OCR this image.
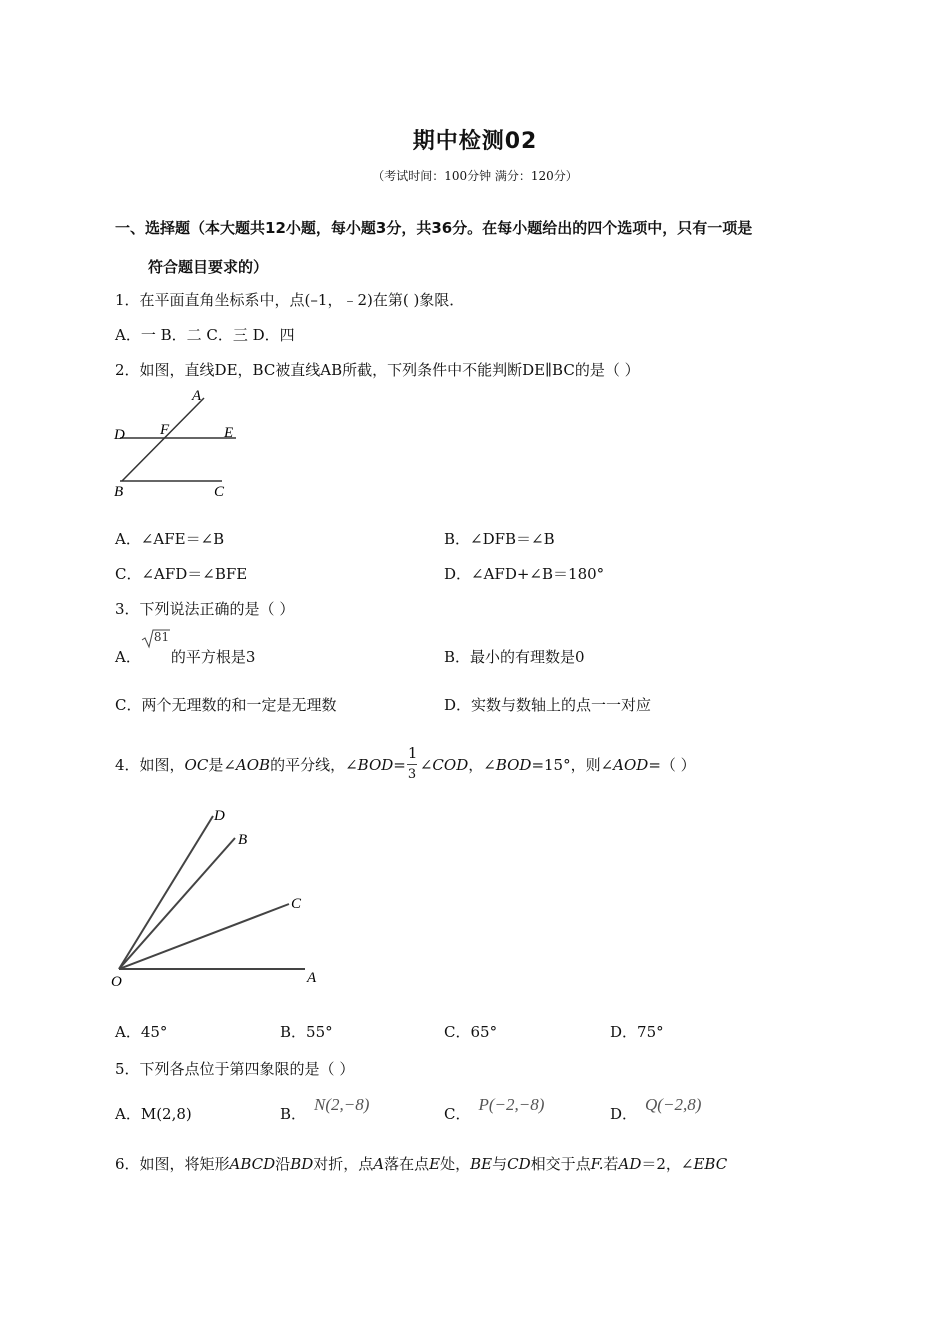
期中检测02
（考试时间：100分钟 满分：120分）
一、选择题（本大题共12小题，每小题3分，共36分。在每小题给出的四个选项中，只有一项是
符合题目要求的）
1．在平面直角坐标系中，点(–1，﹣2)在第( )象限．
A．一 B．二 C．三 D．四
2．如图，直线DE，BC被直线AB所截，下列条件中不能判断DE∥BC的是（ ）
A
D F	E
B	C
A．∠AFE＝∠B	B．∠DFB＝∠B
C．∠AFD＝∠BFE	D．∠AFD+∠B＝180°
3．下列说法正确的是（ ）
A．
81
的平方根是3	B．最小的有理数是0
C．两个无理数的和一定是无理数	D．实数与数轴上的点一一对应
4．如图，OC是∠AOB的平分线，∠BOD=
$\frac{1}{3}$
∠COD，∠BOD=15°，则∠AOD=（ ）
D
B
C
O	A
A．45°	B．55°	C．65°	D．75°
5．下列各点位于第四象限的是（ ）
A．M(2,8)	B． N(2,−8)	C． P(−2,−8)	D． Q(−2,8)
6．如图，将矩形ABCD沿BD对折，点A落在点E处，BE与CD相交于点F.若AD＝2，∠EBC
